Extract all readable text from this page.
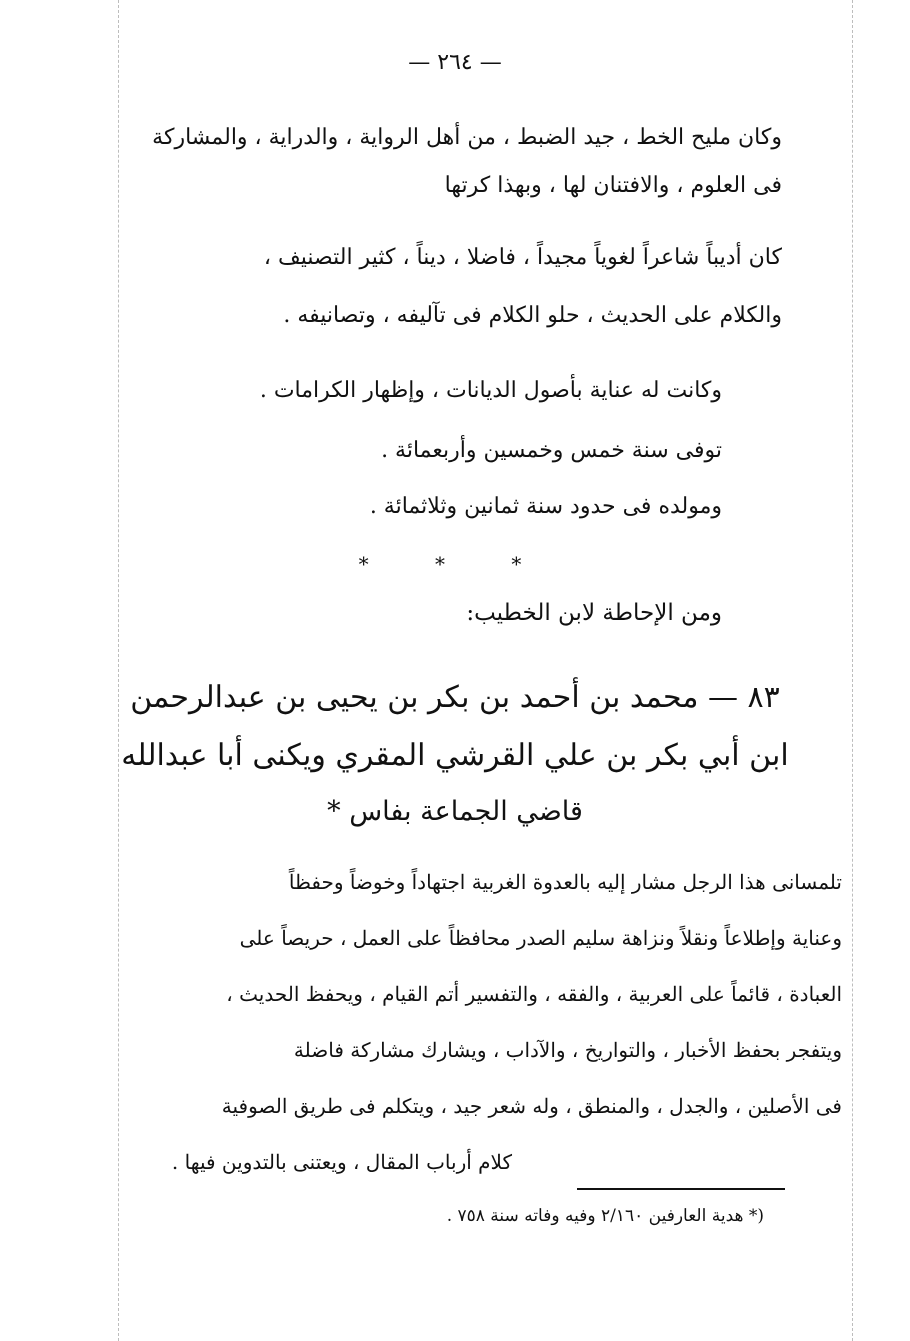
— ٢٦٤ —
وكان مليح الخط ، جيد الضبط ، من أهل الرواية ، والدراية ، والمشاركة
فى العلوم ، والافتنان لها ، وبهذا كرتها
كان أديباً شاعراً لغوياً مجيداً ، فاضلا ، ديناً ، كثير التصنيف ،
والكلام على الحديث ، حلو الكلام فى تآليفه ، وتصانيفه .
وكانت له عناية بأصول الديانات ، وإظهار الكرامات .
توفى سنة خمس وخمسين وأربعمائة .
ومولده فى حدود سنة ثمانين وثلاثمائة .
* * *
ومن الإحاطة لابن الخطيب:
٨٣ — محمد بن أحمد بن بكر بن يحيى بن عبدالرحمن
ابن أبي بكر بن علي القرشي المقري ويكنى أبا عبدالله
قاضي الجماعة بفاس *
تلمسانى هذا الرجل مشار إليه بالعدوة الغربية اجتهاداً وخوضاً وحفظاً
وعناية وإطلاعاً ونقلاً ونزاهة سليم الصدر محافظاً على العمل ، حريصاً على
العبادة ، قائماً على العربية ، والفقه ، والتفسير أتم القيام ، ويحفظ الحديث ،
ويتفجر بحفظ الأخبار ، والتواريخ ، والآداب ، ويشارك مشاركة فاضلة
فى الأصلين ، والجدل ، والمنطق ، وله شعر جيد ، ويتكلم فى طريق الصوفية
كلام أرباب المقال ، ويعتنى بالتدوين فيها .
(* هدية العارفين ٢/١٦٠ وفيه وفاته سنة ٧٥٨ .
